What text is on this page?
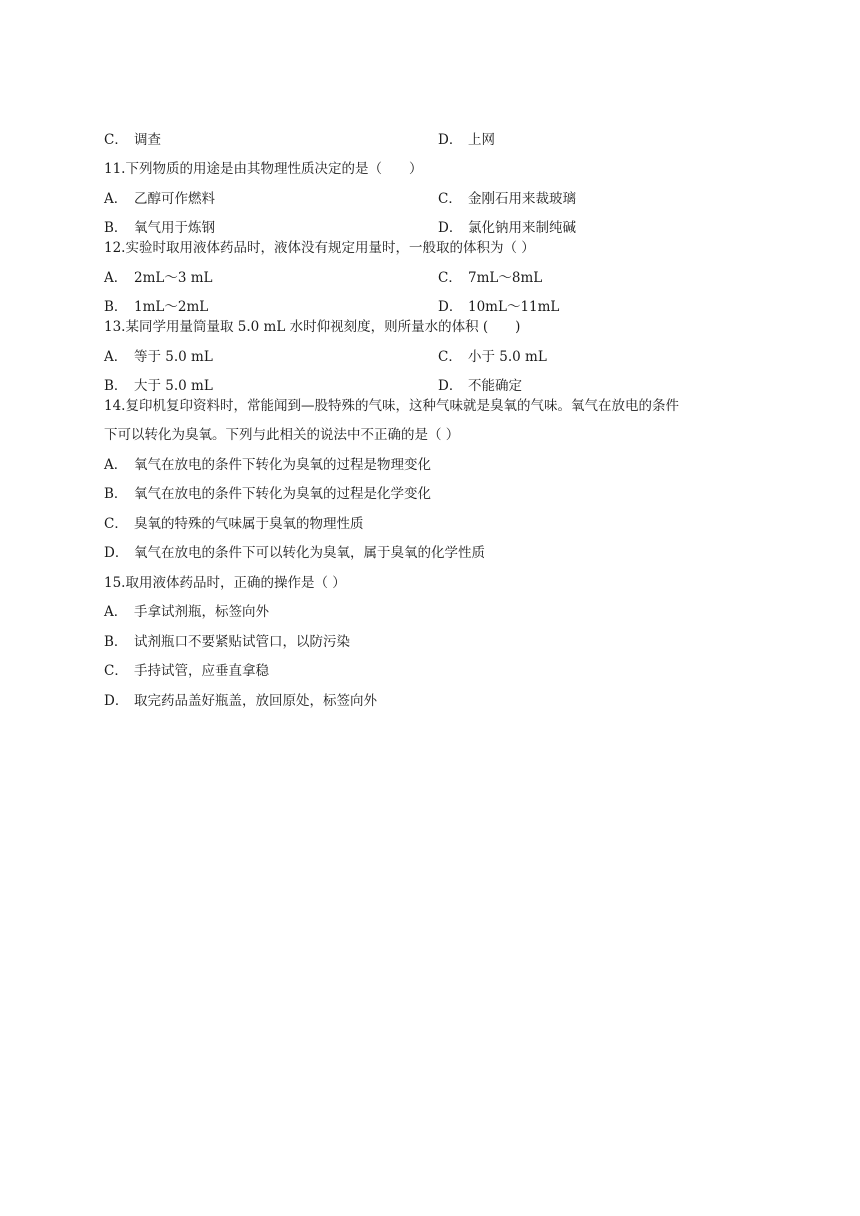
C． 调查	D． 上网
11.下列物质的用途是由其物理性质决定的是（　　）
A． 乙醇可作燃料	C． 金刚石用来裁玻璃
B． 氧气用于炼钢	D． 氯化钠用来制纯碱
12.实验时取用液体药品时，液体没有规定用量时，一般取的体积为（ ）
A． 2mL～3 mL	C． 7mL～8mL
B． 1mL～2mL	D． 10mL～11mL
13.某同学用量筒量取 5.0 mL 水时仰视刻度，则所量水的体积 (　　)
A． 等于 5.0 mL	C． 小于 5.0 mL
B． 大于 5.0 mL	D． 不能确定
14.复印机复印资料时，常能闻到—股特殊的气味，这种气味就是臭氧的气味。氧气在放电的条件
下可以转化为臭氧。下列与此相关的说法中不正确的是（ ）
A． 氧气在放电的条件下转化为臭氧的过程是物理变化
B． 氧气在放电的条件下转化为臭氧的过程是化学变化
C． 臭氧的特殊的气味属于臭氧的物理性质
D． 氧气在放电的条件下可以转化为臭氧，属于臭氧的化学性质
15.取用液体药品时，正确的操作是（ ）
A． 手拿试剂瓶，标签向外
B． 试剂瓶口不要紧贴试管口，以防污染
C． 手持试管，应垂直拿稳
D． 取完药品盖好瓶盖，放回原处，标签向外
